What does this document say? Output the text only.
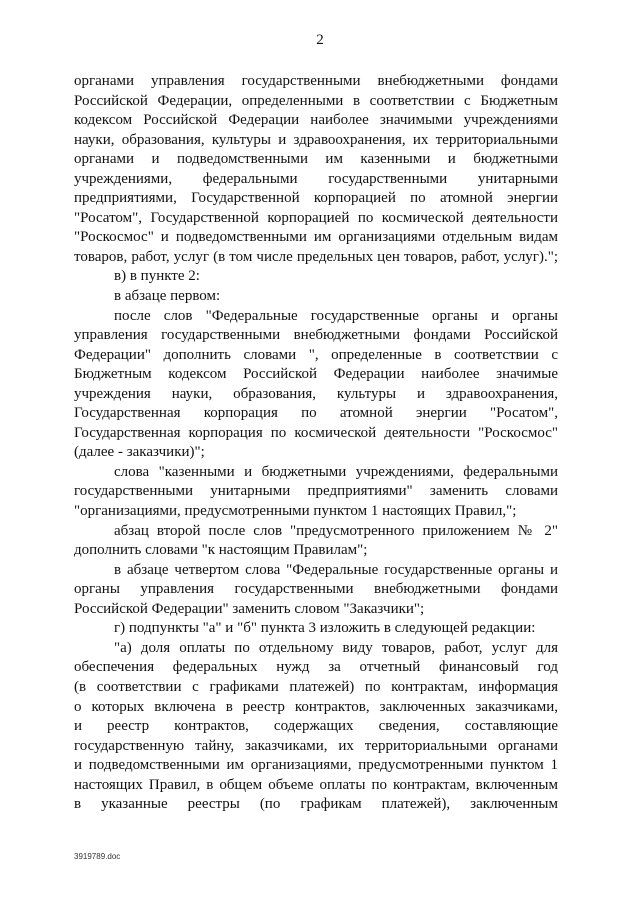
2
органами управления государственными внебюджетными фондами
Российской Федерации, определенными в соответствии с Бюджетным
кодексом Российской Федерации наиболее значимыми учреждениями
науки, образования, культуры и здравоохранения, их территориальными
органами и подведомственными им казенными и бюджетными
учреждениями, федеральными государственными унитарными
предприятиями, Государственной корпорацией по атомной энергии
"Росатом", Государственной корпорацией по космической деятельности
"Роскосмос" и подведомственными им организациями отдельным видам
товаров, работ, услуг (в том числе предельных цен товаров, работ, услуг).";
в) в пункте 2:
в абзаце первом:
после слов "Федеральные государственные органы и органы
управления государственными внебюджетными фондами Российской
Федерации" дополнить словами ", определенные в соответствии с
Бюджетным кодексом Российской Федерации наиболее значимые
учреждения науки, образования, культуры и здравоохранения,
Государственная корпорация по атомной энергии "Росатом",
Государственная корпорация по космической деятельности "Роскосмос"
(далее - заказчики)";
слова "казенными и бюджетными учреждениями, федеральными
государственными унитарными предприятиями" заменить словами
"организациями, предусмотренными пунктом 1 настоящих Правил,";
абзац второй после слов "предусмотренного приложением № 2"
дополнить словами "к настоящим Правилам";
в абзаце четвертом слова "Федеральные государственные органы и
органы управления государственными внебюджетными фондами
Российской Федерации" заменить словом "Заказчики";
г) подпункты "а" и "б" пункта 3 изложить в следующей редакции:
"а) доля оплаты по отдельному виду товаров, работ, услуг для
обеспечения федеральных нужд за отчетный финансовый год
(в соответствии с графиками платежей) по контрактам, информация
о которых включена в реестр контрактов, заключенных заказчиками,
и реестр контрактов, содержащих сведения, составляющие
государственную тайну, заказчиками, их территориальными органами
и подведомственными им организациями, предусмотренными пунктом 1
настоящих Правил, в общем объеме оплаты по контрактам, включенным
в указанные реестры (по графикам платежей), заключенным
3919789.doc
